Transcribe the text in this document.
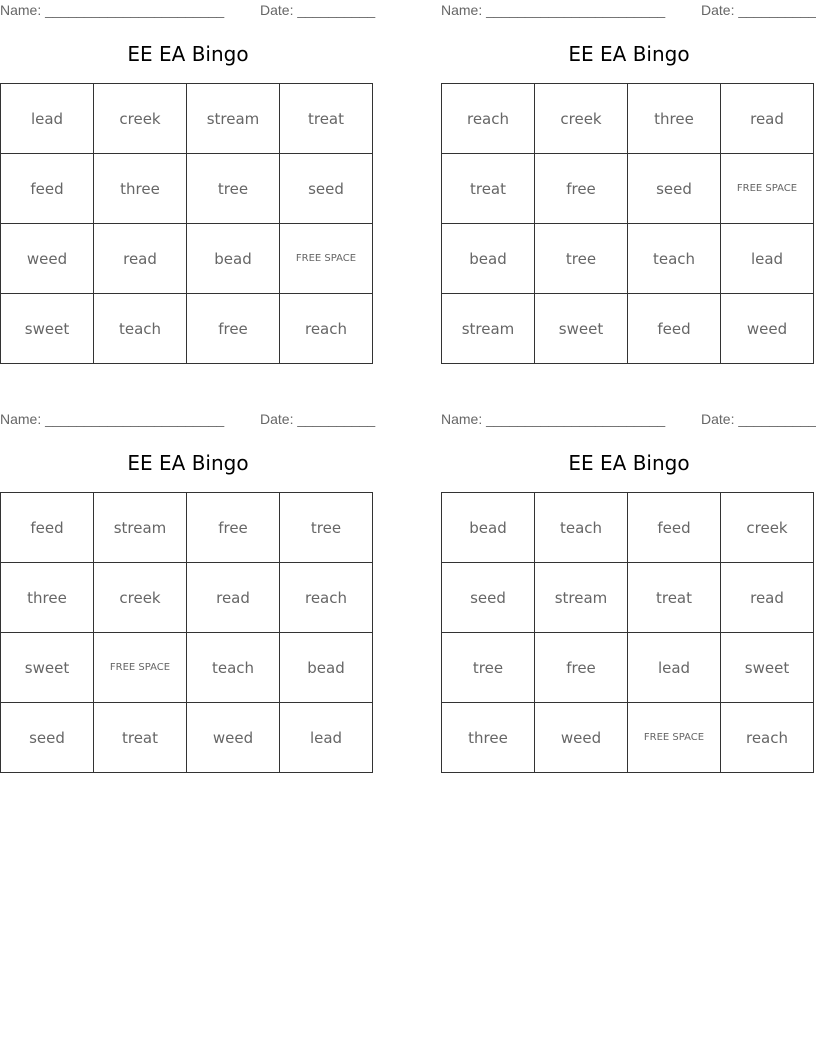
Name: _______________________	Date: __________
EE EA Bingo
lead	creek	stream	treat
feed	three	tree	seed
weed	read	bead	FREE SPACE
sweet	teach	free	reach
Name: _______________________	Date: __________
EE EA Bingo
reach	creek	three	read
treat	free	seed	FREE SPACE
bead	tree	teach	lead
stream	sweet	feed	weed
Name: _______________________	Date: __________
EE EA Bingo
feed	stream	free	tree
three	creek	read	reach
sweet	FREE SPACE	teach	bead
seed	treat	weed	lead
Name: _______________________	Date: __________
EE EA Bingo
bead	teach	feed	creek
seed	stream	treat	read
tree	free	lead	sweet
three	weed	FREE SPACE	reach
